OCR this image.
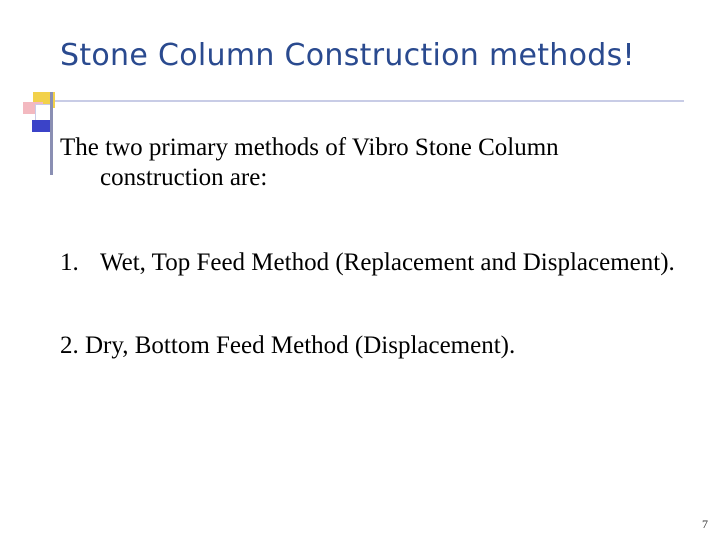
Stone Column Construction methods!

The two primary methods of Vibro Stone Column construction are:

1. Wet, Top Feed Method (Replacement and Displacement).
2. Dry, Bottom Feed Method (Displacement).
7
